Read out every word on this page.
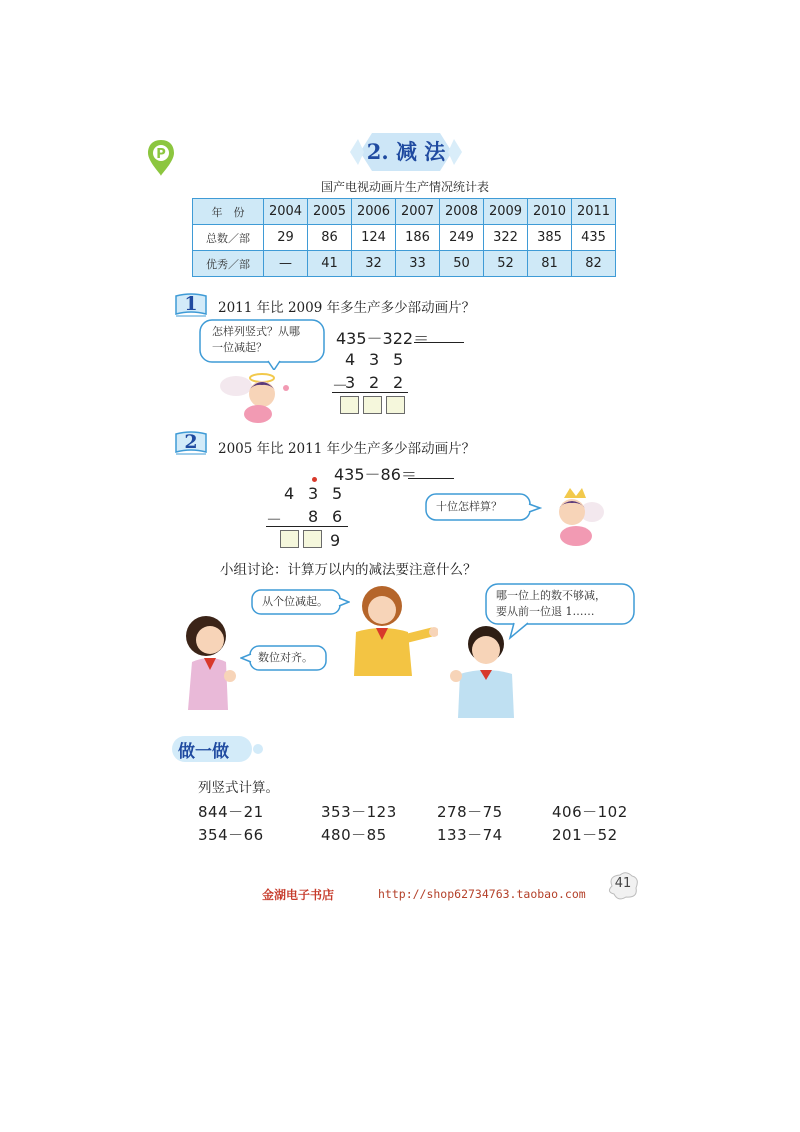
P	2. 减 法
国产电视动画片生产情况统计表
年　份	2004	2005	2006	2007	2008	2009	2010	2011
总数／部	29	86	124	186	249	322	385	435
优秀／部	—	41	32	33	50	52	81	82
1	2011 年比 2009 年多生产多少部动画片？
435－322＝
怎样列竖式？从哪
一位减起？
4 3 5
－
3 2 2
2	2005 年比 2011 年少生产多少部动画片？
435－86＝
4 3 5
－ 8 6
9
十位怎样算？
小组讨论：计算万以内的减法要注意什么？
从个位减起。
数位对齐。
哪一位上的数不够减，
要从前一位退 1……
做一做
列竖式计算。
844－21	353－123	278－75	406－102
354－66	480－85	133－74	201－52
金湖电子书店	http://shop62734763.taobao.com
41
